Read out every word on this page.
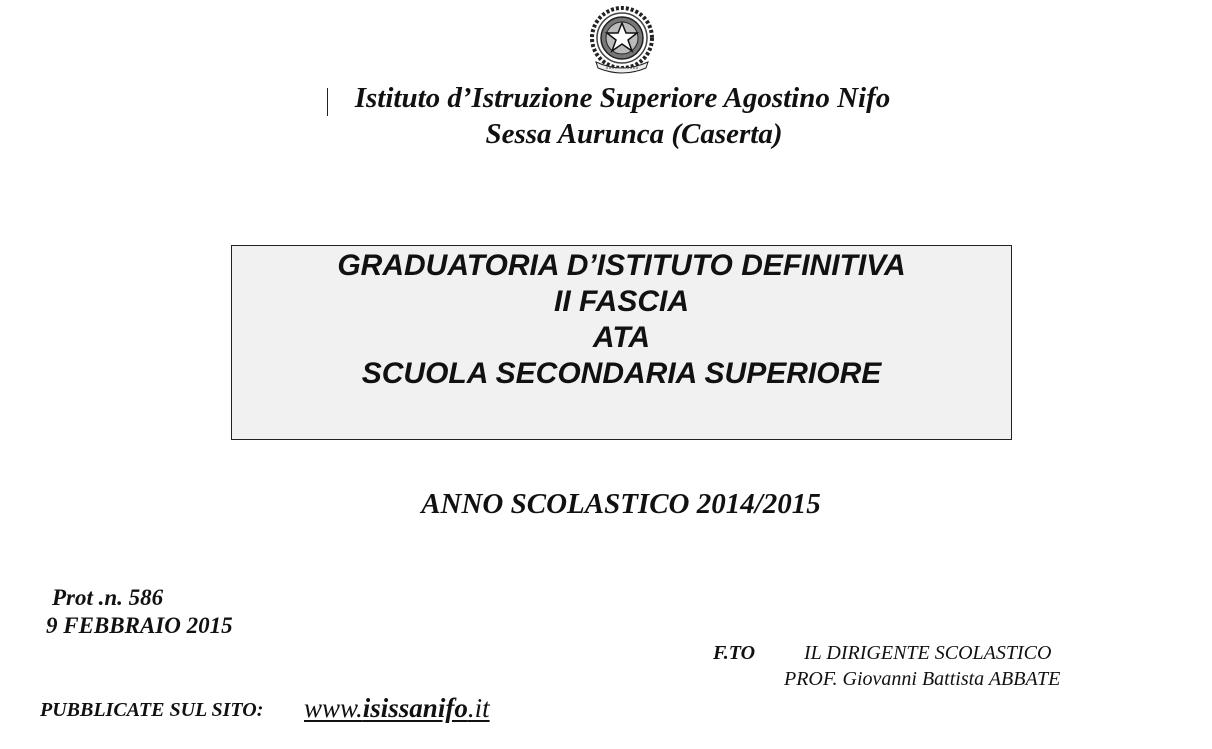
Istituto d’Istruzione Superiore Agostino Nifo
Sessa Aurunca (Caserta)
GRADUATORIA D’ISTITUTO DEFINITIVA
II FASCIA
ATA
SCUOLA SECONDARIA SUPERIORE
ANNO SCOLASTICO 2014/2015
Prot .n. 586
9 FEBBRAIO 2015
F.TO IL DIRIGENTE SCOLASTICO
PROF. Giovanni Battista ABBATE
PUBBLICATE SUL SITO: www.isissanifo.it
